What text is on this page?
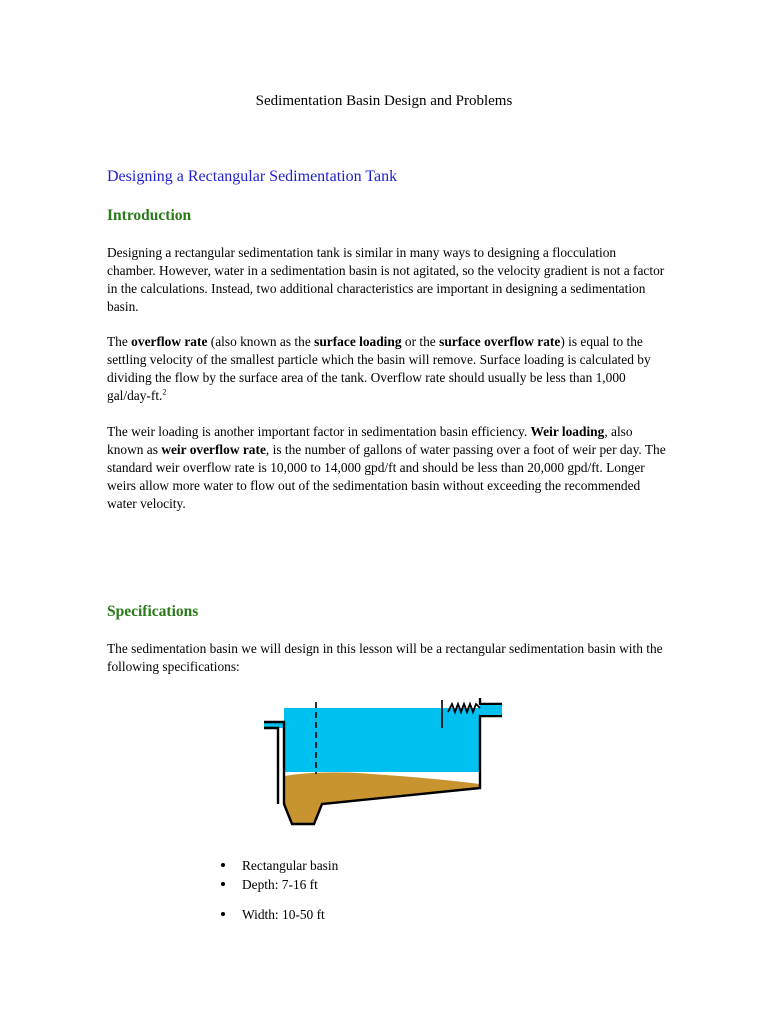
Sedimentation Basin Design and Problems
Designing a Rectangular Sedimentation Tank
Introduction

Designing a rectangular sedimentation tank is similar in many ways to designing a flocculation chamber. However, water in a sedimentation basin is not agitated, so the velocity gradient is not a factor in the calculations. Instead, two additional characteristics are important in designing a sedimentation basin.

The overflow rate (also known as the surface loading or the surface overflow rate) is equal to the settling velocity of the smallest particle which the basin will remove. Surface loading is calculated by dividing the flow by the surface area of the tank. Overflow rate should usually be less than 1,000 gal/day-ft.$^2$

The weir loading is another important factor in sedimentation basin efficiency. Weir loading, also known as weir overflow rate, is the number of gallons of water passing over a foot of weir per day. The standard weir overflow rate is 10,000 to 14,000 gpd/ft and should be less than 20,000 gpd/ft. Longer weirs allow more water to flow out of the sedimentation basin without exceeding the recommended water velocity.

Specifications

The sedimentation basin we will design in this lesson will be a rectangular sedimentation basin with the following specifications:

Rectangular basin
Depth: 7-16 ft
Width: 10-50 ft
